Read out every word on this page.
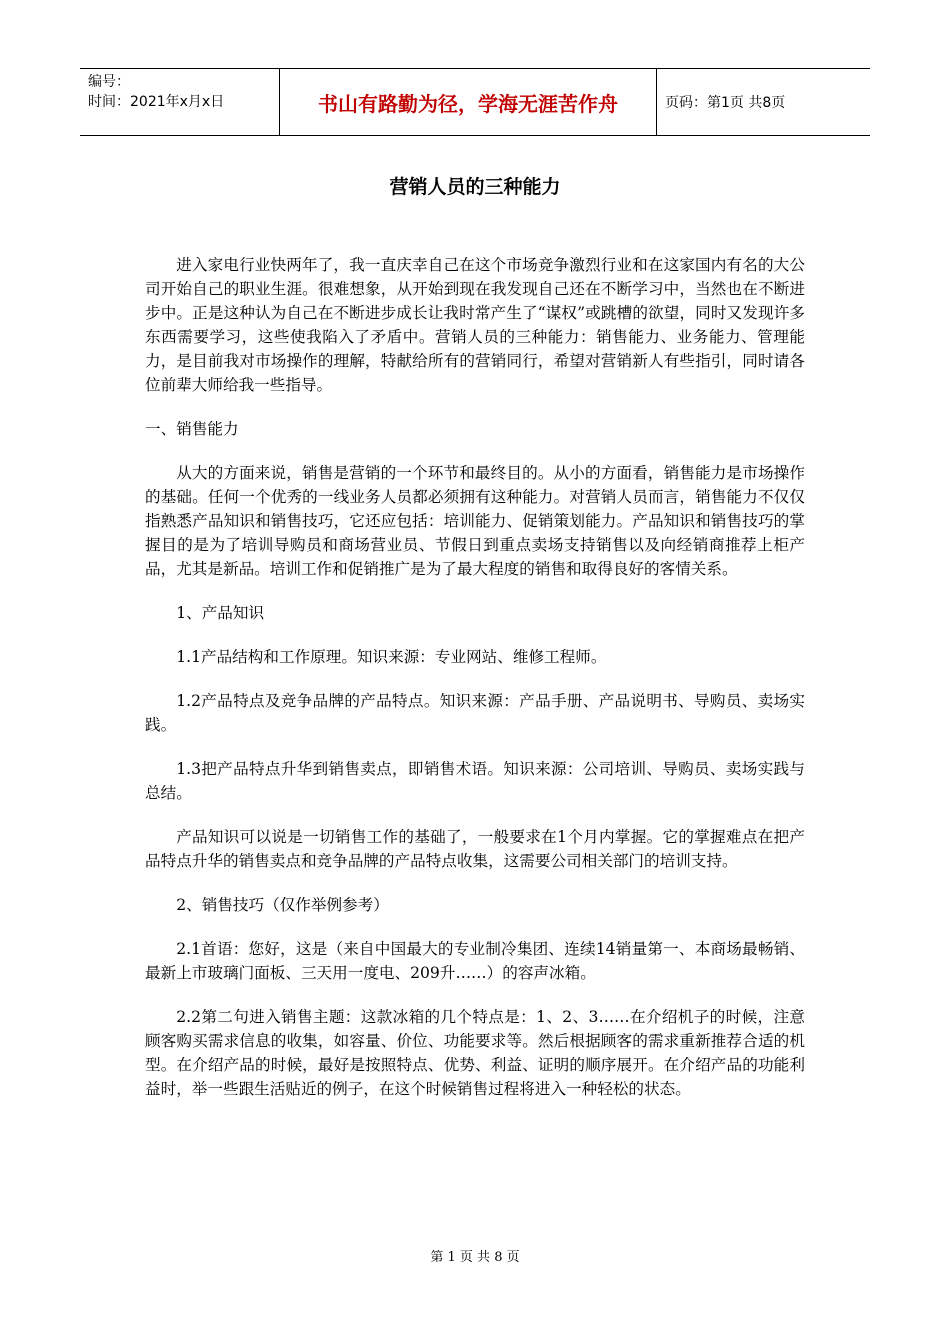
编号：
时间：2021年x月x日	书山有路勤为径，学海无涯苦作舟	页码：第1页 共8页
营销人员的三种能力

进入家电行业快两年了，我一直庆幸自己在这个市场竞争激烈行业和在这家国内有名的大公司开始自己的职业生涯。很难想象，从开始到现在我发现自己还在不断学习中，当然也在不断进步中。正是这种认为自己在不断进步成长让我时常产生了“谋权”或跳槽的欲望，同时又发现许多东西需要学习，这些使我陷入了矛盾中。营销人员的三种能力：销售能力、业务能力、管理能力，是目前我对市场操作的理解，特献给所有的营销同行，希望对营销新人有些指引，同时请各位前辈大师给我一些指导。

一、销售能力

从大的方面来说，销售是营销的一个环节和最终目的。从小的方面看，销售能力是市场操作的基础。任何一个优秀的一线业务人员都必须拥有这种能力。对营销人员而言，销售能力不仅仅指熟悉产品知识和销售技巧，它还应包括：培训能力、促销策划能力。产品知识和销售技巧的掌握目的是为了培训导购员和商场营业员、节假日到重点卖场支持销售以及向经销商推荐上柜产品，尤其是新品。培训工作和促销推广是为了最大程度的销售和取得良好的客情关系。

1、产品知识

1.1产品结构和工作原理。知识来源：专业网站、维修工程师。

1.2产品特点及竞争品牌的产品特点。知识来源：产品手册、产品说明书、导购员、卖场实践。

1.3把产品特点升华到销售卖点，即销售术语。知识来源：公司培训、导购员、卖场实践与总结。

产品知识可以说是一切销售工作的基础了，一般要求在1个月内掌握。它的掌握难点在把产品特点升华的销售卖点和竞争品牌的产品特点收集，这需要公司相关部门的培训支持。

2、销售技巧（仅作举例参考）

2.1首语：您好，这是（来自中国最大的专业制冷集团、连续14销量第一、本商场最畅销、最新上市玻璃门面板、三天用一度电、209升……）的容声冰箱。

2.2第二句进入销售主题：这款冰箱的几个特点是：1、2、3……在介绍机子的时候，注意顾客购买需求信息的收集，如容量、价位、功能要求等。然后根据顾客的需求重新推荐合适的机型。在介绍产品的时候，最好是按照特点、优势、利益、证明的顺序展开。在介绍产品的功能利益时，举一些跟生活贴近的例子，在这个时候销售过程将进入一种轻松的状态。

第 1 页 共 8 页
